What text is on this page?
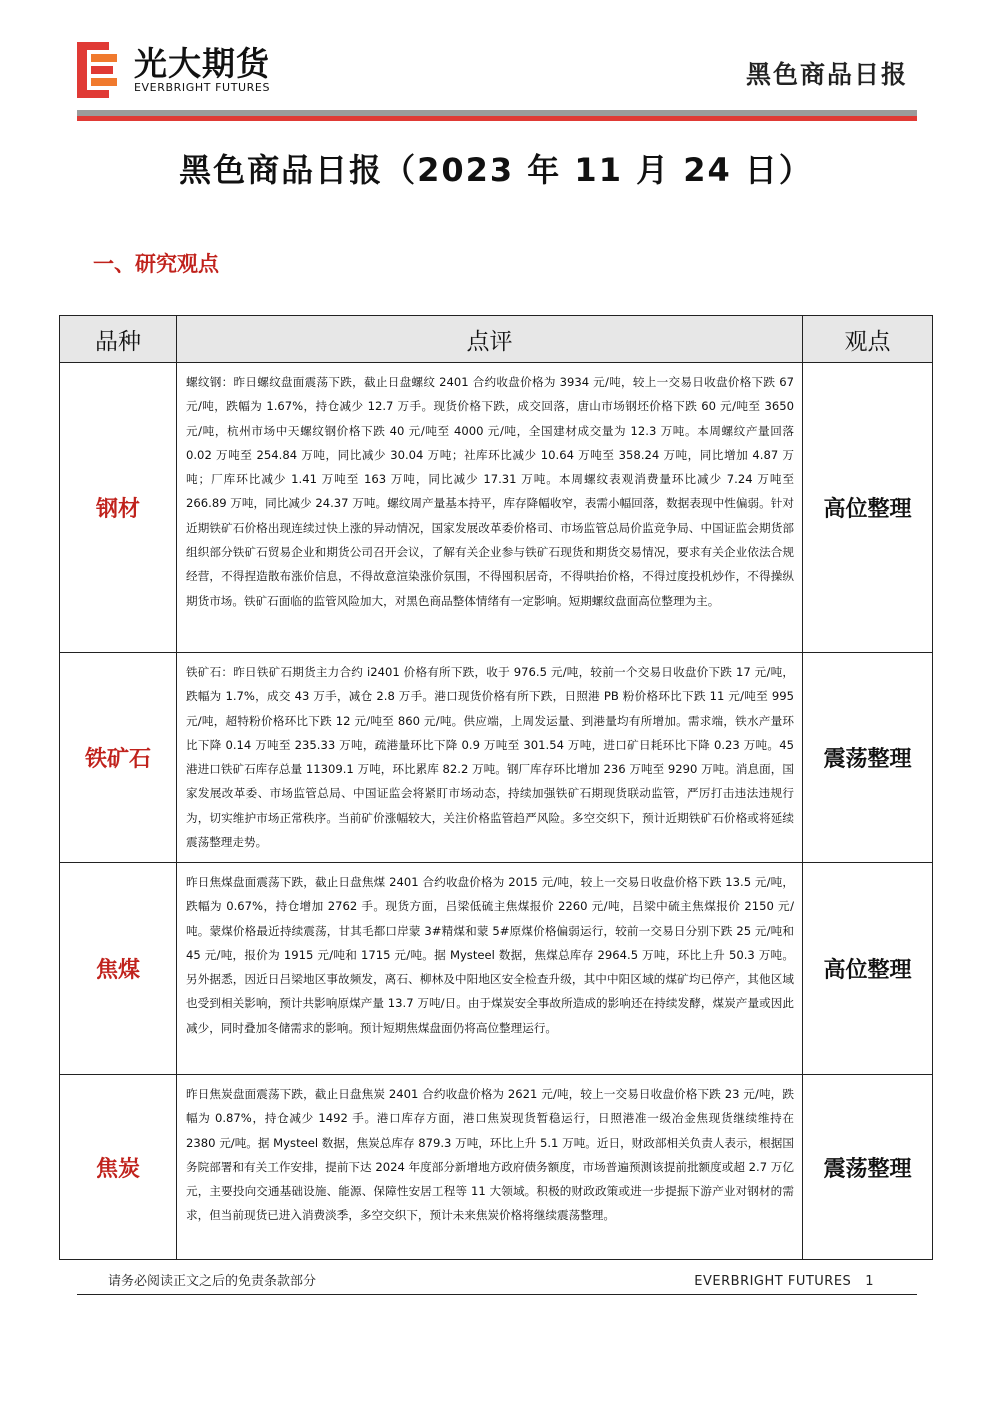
光大期货
EVERBRIGHT FUTURES	黑色商品日报
黑色商品日报（2023 年 11 月 24 日）
一、研究观点
品种	点评	观点
钢材	螺纹钢：昨日螺纹盘面震荡下跌，截止日盘螺纹 2401 合约收盘价格为 3934 元/吨，较上一交易日收盘价格下跌 67 元/吨，跌幅为 1.67%，持仓减少 12.7 万手。现货价格下跌，成交回落，唐山市场钢坯价格下跌 60 元/吨至 3650 元/吨，杭州市场中天螺纹钢价格下跌 40 元/吨至 4000 元/吨，全国建材成交量为 12.3 万吨。本周螺纹产量回落 0.02 万吨至 254.84 万吨，同比减少 30.04 万吨；社库环比减少 10.64 万吨至 358.24 万吨，同比增加 4.87 万吨；厂库环比减少 1.41 万吨至 163 万吨，同比减少 17.31 万吨。本周螺纹表观消费量环比减少 7.24 万吨至 266.89 万吨，同比减少 24.37 万吨。螺纹周产量基本持平，库存降幅收窄，表需小幅回落，数据表现中性偏弱。针对近期铁矿石价格出现连续过快上涨的异动情况，国家发展改革委价格司、市场监管总局价监竞争局、中国证监会期货部组织部分铁矿石贸易企业和期货公司召开会议，了解有关企业参与铁矿石现货和期货交易情况，要求有关企业依法合规经营，不得捏造散布涨价信息，不得故意渲染涨价氛围，不得囤积居奇，不得哄抬价格，不得过度投机炒作，不得操纵期货市场。铁矿石面临的监管风险加大，对黑色商品整体情绪有一定影响。短期螺纹盘面高位整理为主。	高位整理
铁矿石	铁矿石：昨日铁矿石期货主力合约 i2401 价格有所下跌，收于 976.5 元/吨，较前一个交易日收盘价下跌 17 元/吨，跌幅为 1.7%，成交 43 万手，减仓 2.8 万手。港口现货价格有所下跌，日照港 PB 粉价格环比下跌 11 元/吨至 995 元/吨，超特粉价格环比下跌 12 元/吨至 860 元/吨。供应端，上周发运量、到港量均有所增加。需求端，铁水产量环比下降 0.14 万吨至 235.33 万吨，疏港量环比下降 0.9 万吨至 301.54 万吨，进口矿日耗环比下降 0.23 万吨。45 港进口铁矿石库存总量 11309.1 万吨，环比累库 82.2 万吨。钢厂库存环比增加 236 万吨至 9290 万吨。消息面，国家发展改革委、市场监管总局、中国证监会将紧盯市场动态，持续加强铁矿石期现货联动监管，严厉打击违法违规行为，切实维护市场正常秩序。当前矿价涨幅较大，关注价格监管趋严风险。多空交织下，预计近期铁矿石价格或将延续震荡整理走势。	震荡整理
焦煤	昨日焦煤盘面震荡下跌，截止日盘焦煤 2401 合约收盘价格为 2015 元/吨，较上一交易日收盘价格下跌 13.5 元/吨，跌幅为 0.67%，持仓增加 2762 手。现货方面，吕梁低硫主焦煤报价 2260 元/吨，吕梁中硫主焦煤报价 2150 元/吨。蒙煤价格最近持续震荡，甘其毛都口岸蒙 3#精煤和蒙 5#原煤价格偏弱运行，较前一交易日分别下跌 25 元/吨和 45 元/吨，报价为 1915 元/吨和 1715 元/吨。据 Mysteel 数据，焦煤总库存 2964.5 万吨，环比上升 50.3 万吨。另外据悉，因近日吕梁地区事故频发，离石、柳林及中阳地区安全检查升级，其中中阳区域的煤矿均已停产，其他区域也受到相关影响，预计共影响原煤产量 13.7 万吨/日。由于煤炭安全事故所造成的影响还在持续发酵，煤炭产量或因此减少，同时叠加冬储需求的影响。预计短期焦煤盘面仍将高位整理运行。	高位整理
焦炭	昨日焦炭盘面震荡下跌，截止日盘焦炭 2401 合约收盘价格为 2621 元/吨，较上一交易日收盘价格下跌 23 元/吨，跌幅为 0.87%，持仓减少 1492 手。港口库存方面，港口焦炭现货暂稳运行，日照港准一级冶金焦现货继续维持在 2380 元/吨。据 Mysteel 数据，焦炭总库存 879.3 万吨，环比上升 5.1 万吨。近日，财政部相关负责人表示，根据国务院部署和有关工作安排，提前下达 2024 年度部分新增地方政府债务额度，市场普遍预测该提前批额度或超 2.7 万亿元，主要投向交通基础设施、能源、保障性安居工程等 11 大领域。积极的财政政策或进一步提振下游产业对钢材的需求，但当前现货已进入消费淡季，多空交织下，预计未来焦炭价格将继续震荡整理。	震荡整理
请务必阅读正文之后的免责条款部分	EVERBRIGHT FUTURES 1
